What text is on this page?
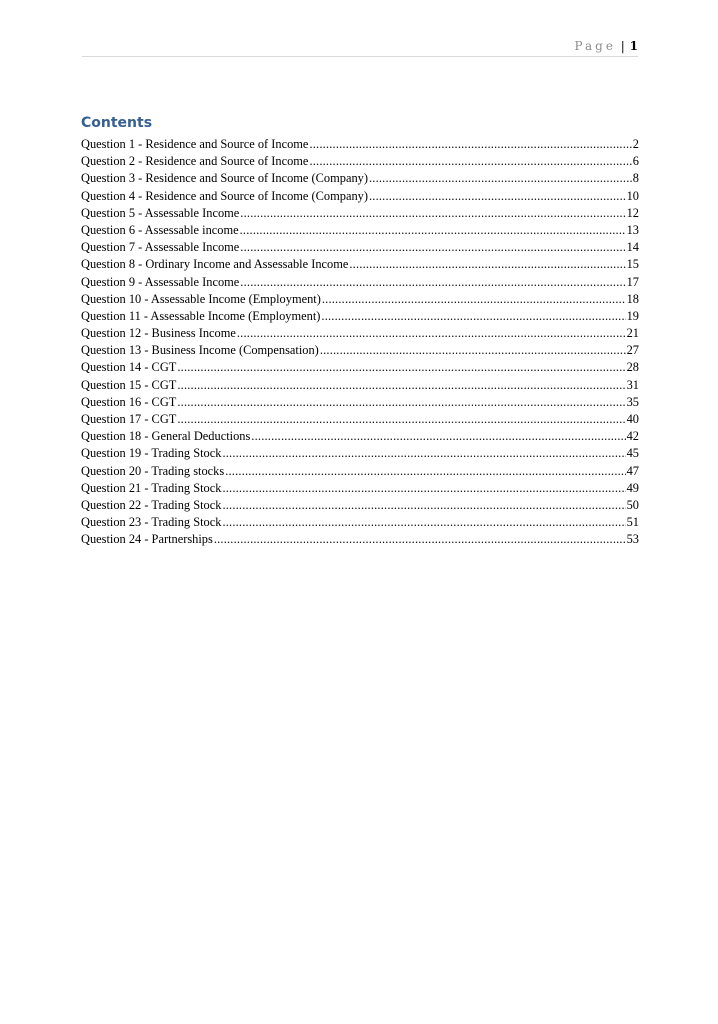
Page | 1
Contents
Question 1 - Residence and Source of Income .....	2
Question 2 - Residence and Source of Income .....	6
Question 3 - Residence and Source of Income (Company) .....	8
Question 4 - Residence and Source of Income (Company) .....	10
Question 5 - Assessable Income .....	12
Question 6 - Assessable income .....	13
Question 7 - Assessable Income .....	14
Question 8 - Ordinary Income and Assessable Income .....	15
Question 9 - Assessable Income .....	17
Question 10 - Assessable Income (Employment) .....	18
Question 11 - Assessable Income (Employment) .....	19
Question 12 - Business Income .....	21
Question 13 - Business Income (Compensation) .....	27
Question 14 - CGT .....	28
Question 15 - CGT .....	31
Question 16 - CGT .....	35
Question 17 - CGT .....	40
Question 18 - General Deductions .....	42
Question 19 - Trading Stock .....	45
Question 20 - Trading stocks .....	47
Question 21 - Trading Stock .....	49
Question 22 - Trading Stock .....	50
Question 23 - Trading Stock .....	51
Question 24 - Partnerships .....	53
